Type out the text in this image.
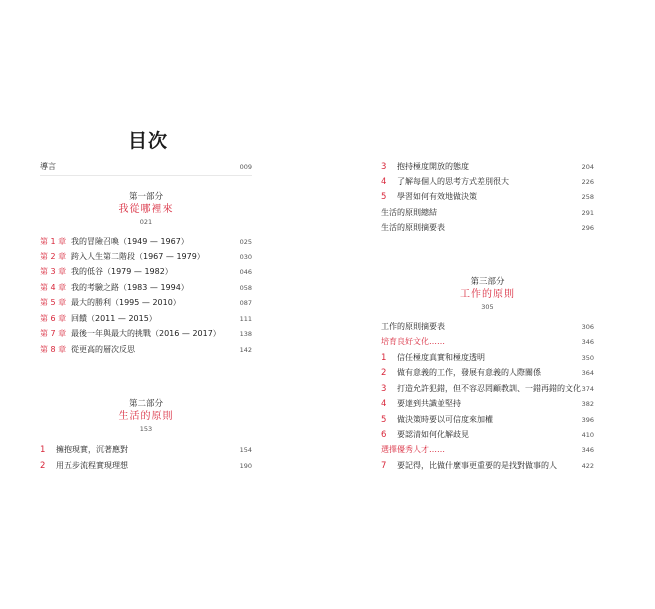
目次
導言	009
第一部分
我從哪裡來
021
第 1 章 我的冒險召喚（1949 — 1967）	025
第 2 章 跨入人生第二階段（1967 — 1979）	030
第 3 章 我的低谷（1979 — 1982）	046
第 4 章 我的考驗之路（1983 — 1994）	058
第 5 章 最大的勝利（1995 — 2010）	087
第 6 章 回饋（2011 — 2015）	111
第 7 章 最後一年與最大的挑戰（2016 — 2017）	138
第 8 章 從更高的層次反思	142
第二部分
生活的原則
153
1	擁抱現實，沉著應對	154
2	用五步流程實現理想	190
3	抱持極度開放的態度	204
4	了解每個人的思考方式差別很大	226
5	學習如何有效地做決策	258
生活的原則總結	291
生活的原則摘要表	296
第三部分
工作的原則
305
工作的原則摘要表	306
培育良好文化……	346
1	信任極度真實和極度透明	350
2	做有意義的工作，發展有意義的人際關係	364
3	打造允許犯錯，但不容忍罔顧教訓、一錯再錯的文化 374
4	要達到共識並堅持	382
5	做決策時要以可信度來加權	396
6	要認清如何化解歧見	410
選擇優秀人才……	346
7	要記得，比做什麼事更重要的是找對做事的人	422
